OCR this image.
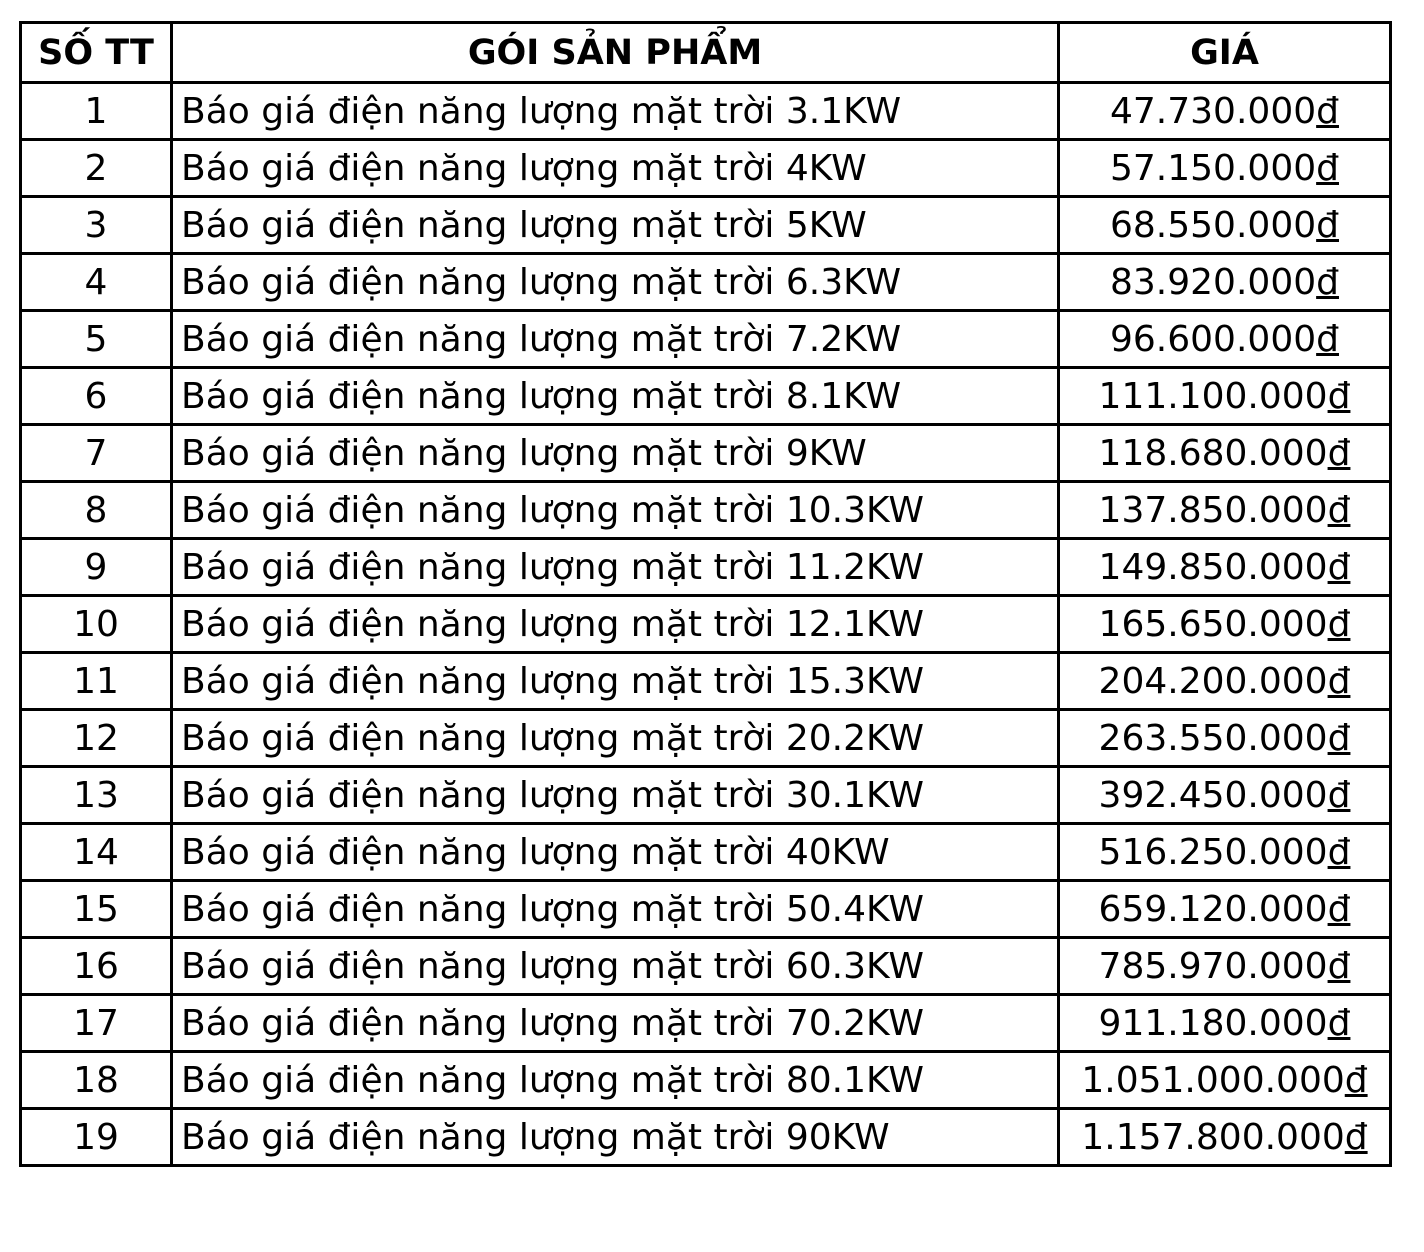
SỐ TT	GÓI SẢN PHẨM	GIÁ
1	Báo giá điện năng lượng mặt trời 3.1KW	47.730.000đ
2	Báo giá điện năng lượng mặt trời 4KW	57.150.000đ
3	Báo giá điện năng lượng mặt trời 5KW	68.550.000đ
4	Báo giá điện năng lượng mặt trời 6.3KW	83.920.000đ
5	Báo giá điện năng lượng mặt trời 7.2KW	96.600.000đ
6	Báo giá điện năng lượng mặt trời 8.1KW	111.100.000đ
7	Báo giá điện năng lượng mặt trời 9KW	118.680.000đ
8	Báo giá điện năng lượng mặt trời 10.3KW	137.850.000đ
9	Báo giá điện năng lượng mặt trời 11.2KW	149.850.000đ
10	Báo giá điện năng lượng mặt trời 12.1KW	165.650.000đ
11	Báo giá điện năng lượng mặt trời 15.3KW	204.200.000đ
12	Báo giá điện năng lượng mặt trời 20.2KW	263.550.000đ
13	Báo giá điện năng lượng mặt trời 30.1KW	392.450.000đ
14	Báo giá điện năng lượng mặt trời 40KW	516.250.000đ
15	Báo giá điện năng lượng mặt trời 50.4KW	659.120.000đ
16	Báo giá điện năng lượng mặt trời 60.3KW	785.970.000đ
17	Báo giá điện năng lượng mặt trời 70.2KW	911.180.000đ
18	Báo giá điện năng lượng mặt trời 80.1KW	1.051.000.000đ
19	Báo giá điện năng lượng mặt trời 90KW	1.157.800.000đ
